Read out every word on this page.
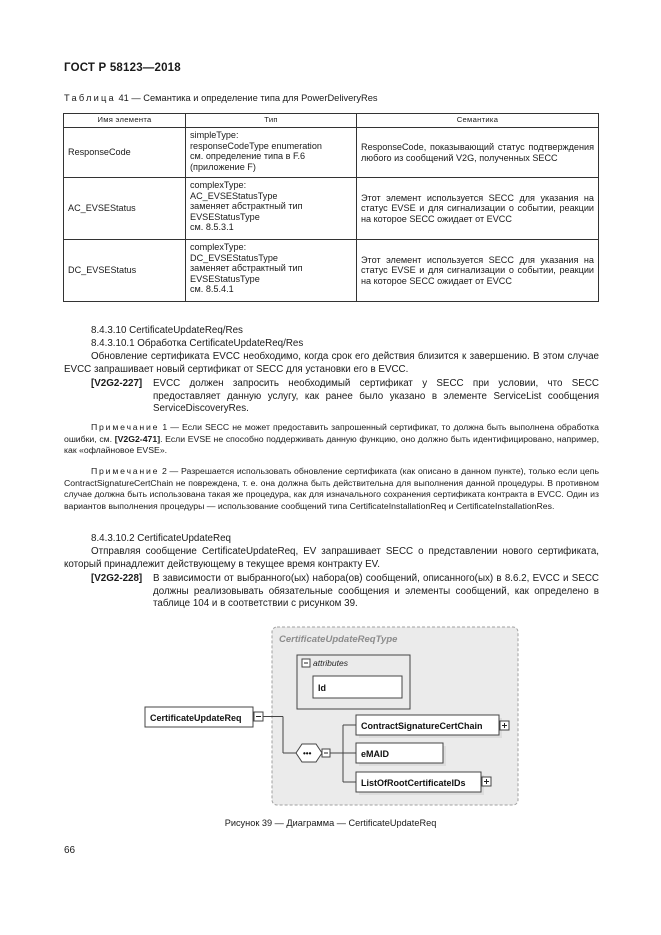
ГОСТ Р 58123—2018
Таблица 41 — Семантика и определение типа для PowerDeliveryRes
Имя элемента	Тип	Семантика
ResponseCode	simpleType:
responseCodeType enumeration
см. определение типа в F.6
(приложение F)	ResponseCode, показывающий статус подтверждения любого из сообщений V2G, полученных SECC
AC_EVSEStatus	complexType:
AC_EVSEStatusType
заменяет абстрактный тип
EVSEStatusType
см. 8.5.3.1	Этот элемент используется SECC для указания на статус EVSE и для сигнализации о событии, реакции на которое SECC ожидает от EVCC
DC_EVSEStatus	complexType:
DC_EVSEStatusType
заменяет абстрактный тип
EVSEStatusType
см. 8.5.4.1	Этот элемент используется SECC для указания на статус EVSE и для сигнализации о событии, реакции на которое SECC ожидает от EVCC
8.4.3.10 CertificateUpdateReq/Res
8.4.3.10.1 Обработка CertificateUpdateReq/Res
Обновление сертификата EVCC необходимо, когда срок его действия близится к завершению. В этом случае EVCC запрашивает новый сертификат от SECC для установки его в EVCC.
[V2G2-227] EVCC должен запросить необходимый сертификат у SECC при условии, что SECC предоставляет данную услугу, как ранее было указано в элементе ServiceList сообщения ServiceDiscoveryRes.
Примечание 1 — Если SECC не может предоставить запрошенный сертификат, то должна быть выполнена обработка ошибки, см. [V2G2-471]. Если EVSE не способно поддерживать данную функцию, оно должно быть идентифицировано, например, как «офлайновое EVSE».
Примечание 2 — Разрешается использовать обновление сертификата (как описано в данном пункте), только если цепь ContractSignatureCertChain не повреждена, т. е. она должна быть действительна для выполнения данной процедуры. В противном случае должна быть использована такая же процедура, как для изначального сохранения сертификата контракта в EVCC. Один из вариантов выполнения процедуры — использование сообщений типа CertificateInstallationReq и CertificateInstallationRes.
8.4.3.10.2 CertificateUpdateReq
Отправляя сообщение CertificateUpdateReq, EV запрашивает SECC о представлении нового сертификата, который принадлежит действующему в текущее время контракту EV.
[V2G2-228] В зависимости от выбранного(ых) набора(ов) сообщений, описанного(ых) в 8.6.2, EVCC и SECC должны реализовывать обязательные сообщения и элементы сообщений, как определено в таблице 104 и в соответствии с рисунком 39.
CertificateUpdateReqType
attributes
Id
CertificateUpdateReq
•••
ContractSignatureCertChain
eMAID
ListOfRootCertificateIDs
Рисунок 39 — Диаграмма — CertificateUpdateReq
66
